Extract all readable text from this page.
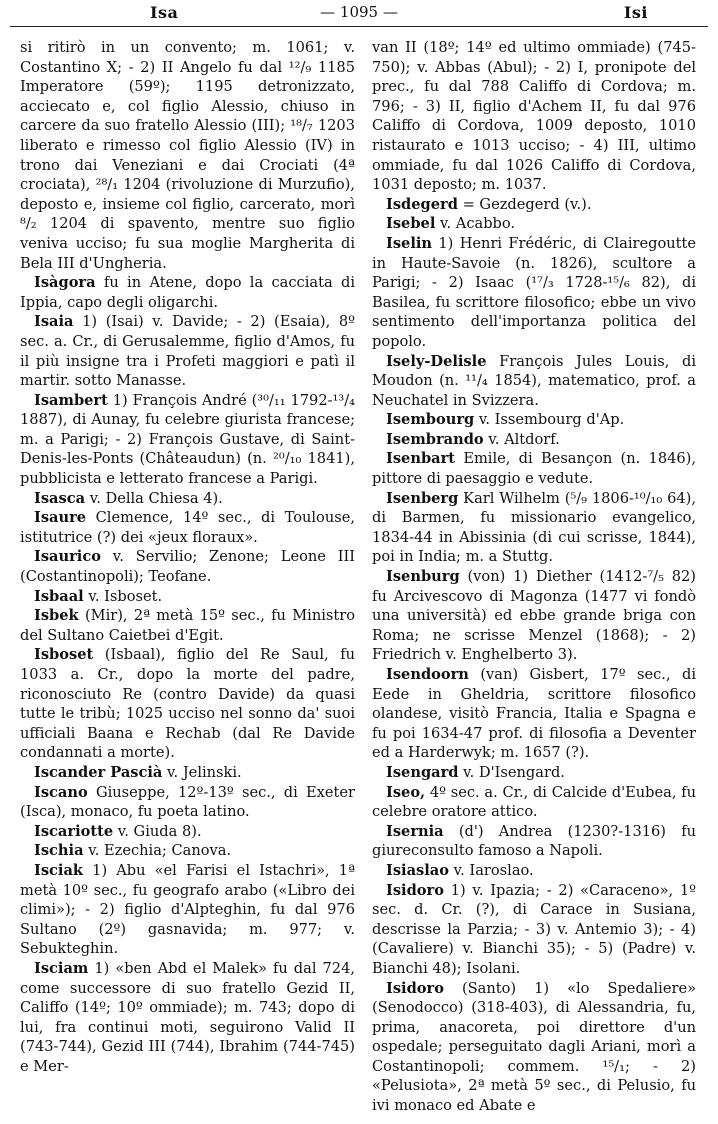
Isa	— 1095 —	Isi

si ritirò in un convento; m. 1061; v. Costantino X; - 2) II Angelo fu dal ¹²/₉ 1185 Imperatore (59º); 1195 detronizzato, acciecato e, col figlio Alessio, chiuso in carcere da suo fratello Alessio (III); ¹⁸/₇ 1203 liberato e rimesso col figlio Alessio (IV) in trono dai Veneziani e dai Crociati (4ª crociata), ²⁸/₁ 1204 (rivoluzione di Murzufio), deposto e, insieme col figlio, carcerato, morì ⁸/₂ 1204 di spavento, mentre suo figlio veniva ucciso; fu sua moglie Margherita di Bela III d'Ungheria.

Isàgora fu in Atene, dopo la cacciata di Ippia, capo degli oligarchi.

Isaia 1) (Isai) v. Davide; - 2) (Esaia), 8º sec. a. Cr., di Gerusalemme, figlio d'Amos, fu il più insigne tra i Profeti maggiori e patì il martir. sotto Manasse.

Isambert 1) François André (³⁰/₁₁ 1792-¹³/₄ 1887), di Aunay, fu celebre giurista francese; m. a Parigi; - 2) François Gustave, di Saint-Denis-les-Ponts (Châteaudun) (n. ²⁰/₁₀ 1841), pubblicista e letterato francese a Parigi.

Isasca v. Della Chiesa 4).

Isaure Clemence, 14º sec., di Toulouse, istitutrice (?) dei «jeux floraux».

Isaurico v. Servilio; Zenone; Leone III (Costantinopoli); Teofane.

Isbaal v. Isboset.

Isbek (Mir), 2ª metà 15º sec., fu Ministro del Sultano Caietbei d'Egit.

Isboset (Isbaal), figlio del Re Saul, fu 1033 a. Cr., dopo la morte del padre, riconosciuto Re (contro Davide) da quasi tutte le tribù; 1025 ucciso nel sonno da' suoi ufficiali Baana e Rechab (dal Re Davide condannati a morte).

Iscander Pascià v. Jelinski.

Iscano Giuseppe, 12º-13º sec., di Exeter (Isca), monaco, fu poeta latino.

Iscariotte v. Giuda 8).

Ischia v. Ezechia; Canova.

Isciak 1) Abu «el Farisi el Istachri», 1ª metà 10º sec., fu geografo arabo («Libro dei climi»); - 2) figlio d'Alpteghin, fu dal 976 Sultano (2º) gasnavida; m. 977; v. Sebukteghin.

Isciam 1) «ben Abd el Malek» fu dal 724, come successore di suo fratello Gezid II, Califfo (14º; 10º ommiade); m. 743; dopo di lui, fra continui moti, seguirono Valid II (743-744), Gezid III (744), Ibrahim (744-745) e Mer-

van II (18º; 14º ed ultimo ommiade) (745-750); v. Abbas (Abul); - 2) I, pronipote del prec., fu dal 788 Califfo di Cordova; m. 796; - 3) II, figlio d'Achem II, fu dal 976 Califfo di Cordova, 1009 deposto, 1010 ristaurato e 1013 ucciso; - 4) III, ultimo ommiade, fu dal 1026 Califfo di Cordova, 1031 deposto; m. 1037.

Isdegerd = Gezdegerd (v.).

Isebel v. Acabbo.

Iselin 1) Henri Frédéric, di Clairegoutte in Haute-Savoie (n. 1826), scultore a Parigi; - 2) Isaac (¹⁷/₃ 1728-¹⁵/₆ 82), di Basilea, fu scrittore filosofico; ebbe un vivo sentimento dell'importanza politica del popolo.

Isely-Delisle François Jules Louis, di Moudon (n. ¹¹/₄ 1854), matematico, prof. a Neuchatel in Svizzera.

Isembourg v. Issembourg d'Ap.

Isembrando v. Altdorf.

Isenbart Emile, di Besançon (n. 1846), pittore di paesaggio e vedute.

Isenberg Karl Wilhelm (⁵/₉ 1806-¹⁰/₁₀ 64), di Barmen, fu missionario evangelico, 1834-44 in Abissinia (di cui scrisse, 1844), poi in India; m. a Stuttg.

Isenburg (von) 1) Diether (1412-⁷/₅ 82) fu Arcivescovo di Magonza (1477 vi fondò una università) ed ebbe grande briga con Roma; ne scrisse Menzel (1868); - 2) Friedrich v. Enghelberto 3).

Isendoorn (van) Gisbert, 17º sec., di Eede in Gheldria, scrittore filosofico olandese, visitò Francia, Italia e Spagna e fu poi 1634-47 prof. di filosofia a Deventer ed a Harderwyk; m. 1657 (?).

Isengard v. D'Isengard.

Iseo, 4º sec. a. Cr., di Calcide d'Eubea, fu celebre oratore attico.

Isernia (d') Andrea (1230?-1316) fu giureconsulto famoso a Napoli.

Isiaslao v. Iaroslao.

Isidoro 1) v. Ipazia; - 2) «Caraceno», 1º sec. d. Cr. (?), di Carace in Susiana, descrisse la Parzia; - 3) v. Antemio 3); - 4) (Cavaliere) v. Bianchi 35); - 5) (Padre) v. Bianchi 48); Isolani.

Isidoro (Santo) 1) «lo Spedaliere» (Senodocco) (318-403), di Alessandria, fu, prima, anacoreta, poi direttore d'un ospedale; perseguitato dagli Ariani, morì a Costantinopoli; commem. ¹⁵/₁; - 2) «Pelusiota», 2ª metà 5º sec., di Pelusio, fu ivi monaco ed Abate e
